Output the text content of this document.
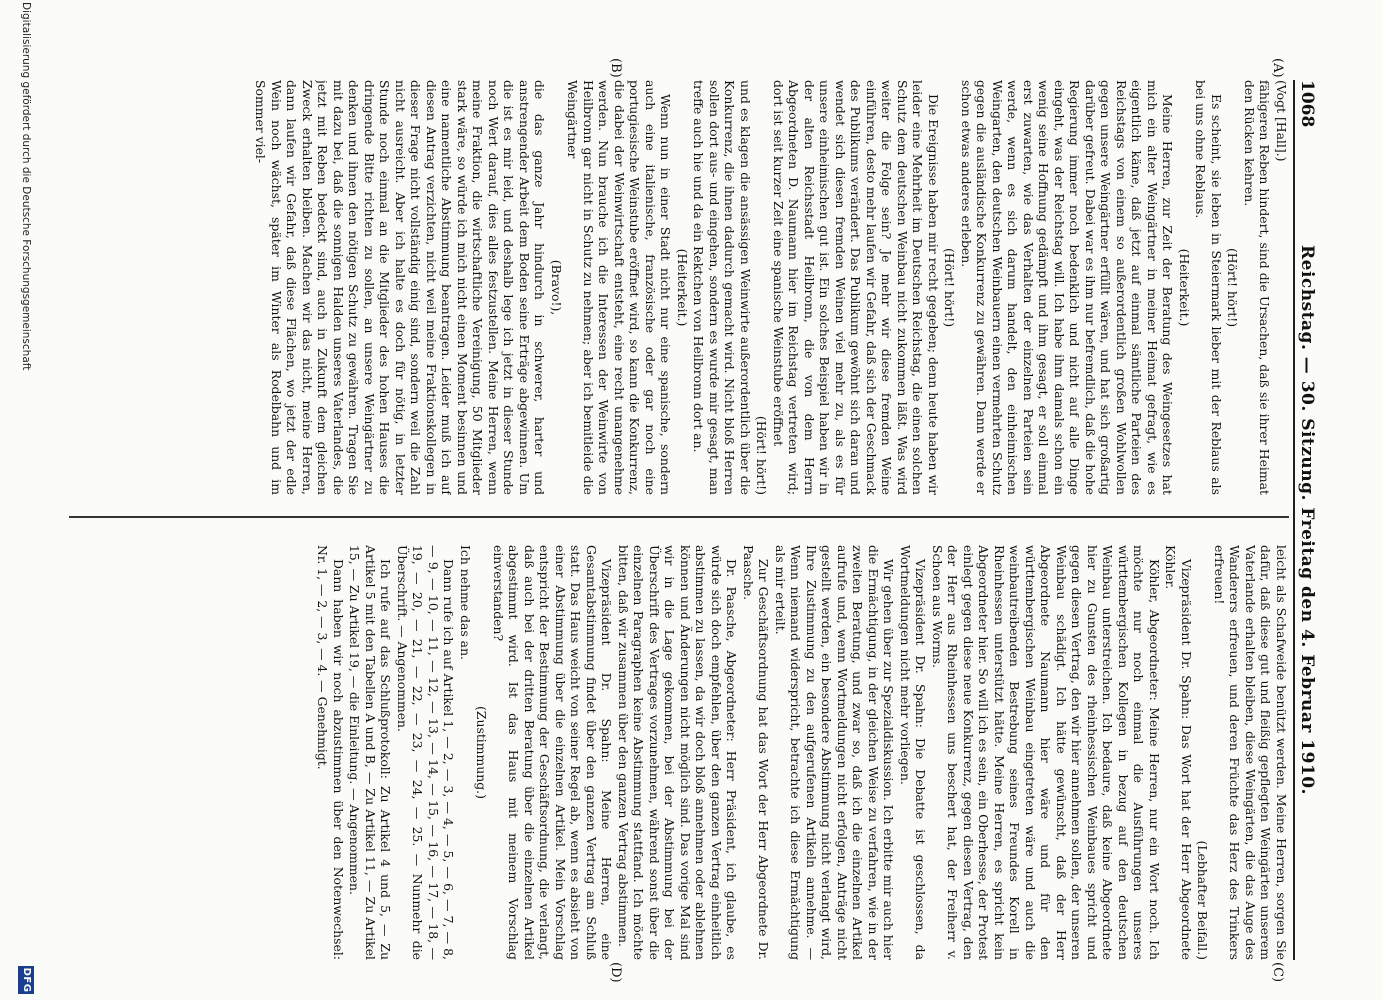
1068
Reichstag. — 30. Sitzung. Freitag den 4. Februar 1910.
(A)
(B)
(C)
(D)

(Vogt [Hall].)

fähigeren Reben hindert, sind die Ursachen, daß sie ihrer Heimat den Rücken kehren.

(Hört! hört!)

Es scheint, sie leben in Steiermark lieber mit der Reblaus als bei uns ohne Reblaus.

(Heiterkeit.)

Meine Herren, zur Zeit der Beratung des Weingesetzes hat mich ein alter Weingärtner in meiner Heimat gefragt, wie es eigentlich käme, daß jetzt auf einmal sämtliche Parteien des Reichstags von einem so außerordentlich großen Wohlwollen gegen unsere Weingärtner erfüllt wären, und hat sich großartig darüber gefreut. Dabei war es ihm nur befremdlich, daß die hohe Regierung immer noch bedenklich und nicht auf alle Dinge eingeht, was der Reichstag will. Ich habe ihm damals schon ein wenig seine Hoffnung gedämpft und ihm gesagt, er soll einmal erst zuwarten, wie das Verhalten der einzelnen Parteien sein werde, wenn es sich darum handelt, den einheimischen Weingarten, den deutschen Weinbauern einen vermehrten Schutz gegen die ausländische Konkurrenz zu gewähren. Dann werde er schon etwas anderes erleben.

(Hört! hört!)

Die Ereignisse haben mir recht gegeben; denn heute haben wir leider eine Mehrheit im Deutschen Reichstag, die einen solchen Schutz dem deutschen Weinbau nicht zukommen läßt. Was wird weiter die Folge sein? Je mehr wir diese fremden Weine einführen, desto mehr laufen wir Gefahr, daß sich der Geschmack des Publikums verändert. Das Publikum gewöhnt sich daran und wendet sich diesen fremden Weinen viel mehr zu, als es für unsere einheimischen gut ist. Ein solches Beispiel haben wir in der alten Reichsstadt Heilbronn, die von dem Herrn Abgeordneten D. Naumann hier im Reichstag vertreten wird; dort ist seit kurzer Zeit eine spanische Weinstube eröffnet

(Hört! hört!)

und es klagen die ansässigen Weinwirte außerordentlich über die Konkurrenz, die ihnen dadurch gemacht wird. Nicht bloß Herren sollen dort aus- und eingehen, sondern es wurde mir gesagt, man treffe auch hie und da ein Rektchen von Heilbronn dort an.

(Heiterkeit.)

Wenn nun in einer Stadt nicht nur eine spanische, sondern auch eine italienische, französische oder gar noch eine portugiesische Weinstube eröffnet wird, so kann die Konkurrenz, die dabei der Weinwirtschaft entsteht, eine recht unangenehme werden. Nun brauche ich die Interessen der Weinwirte von Heilbronn gar nicht in Schutz zu nehmen; aber ich bemitleide die Weingärtner

(Bravo!),

die das ganze Jahr hindurch in schwerer, harter und anstrengender Arbeit dem Boden seine Erträge abgewinnen. Um die ist es mir leid, und deshalb lege ich jetzt in dieser Stunde noch Wert darauf, dies alles festzustellen. Meine Herren, wenn meine Fraktion, die wirtschaftliche Vereinigung, 50 Mitglieder stark wäre, so würde ich mich nicht einen Moment besinnen und eine namentliche Abstimmung beantragen. Leider muß ich auf diesen Antrag verzichten, nicht weil meine Fraktionskollegen in dieser Frage nicht vollständig einig sind, sondern weil die Zahl nicht ausreicht. Aber ich halte es doch für nötig, in letzter Stunde noch einmal an die Mitglieder des hohen Hauses die dringende Bitte richten zu sollen, an unsere Weingärtner zu denken und ihnen den nötigen Schutz zu gewähren. Tragen Sie mit dazu bei, daß die sonnigen Halden unseres Vaterlandes, die jetzt mit Reben bedeckt sind, auch in Zukunft dem gleichen Zweck erhalten bleiben. Machen wir das nicht, meine Herren, dann laufen wir Gefahr, daß diese Flächen, wo jetzt der edle Wein noch wächst, später im Winter als Rodelbahn und im Sommer viel-

leicht als Schafweide benützt werden. Meine Herren, sorgen Sie dafür, daß diese gut und fleißig gepflegten Weingärten unserem Vaterlande erhalten bleiben, diese Weingärten, die das Auge des Wanderers erfreuen, und deren Früchte das Herz des Trinkers erfreuen!

(Lebhafter Beifall.)

Vizepräsident Dr. Spahn: Das Wort hat der Herr Abgeordnete Köhler.

Köhler, Abgeordneter: Meine Herren, nur ein Wort noch. Ich möchte nur noch einmal die Ausführungen unseres württembergischen Kollegen in bezug auf den deutschen Weinbau unterstreichen. Ich bedaure, daß keine Abgeordnete hier zu Gunsten des rheinhessischen Weinbaues spricht und gegen diesen Vertrag, den wir hier annehmen sollen, der unseren Weinbau schädigt. Ich hätte gewünscht, daß der Herr Abgeordnete Naumann hier wäre und für den württembergischen Weinbau eingetreten wäre und auch die weinbautreibenden Bestrebung seines Freundes Korell in Rheinhessen unterstützt hätte. Meine Herren, es spricht kein Abgeordneter hier. So will ich es sein, ein Oberhesse, der Protest einlegt gegen diese neue Konkurrenz, gegen diesen Vertrag, den der Herr aus Rheinhessen uns beschert hat, der Freiherr v. Schoen aus Worms.

Vizepräsident Dr. Spahn: Die Debatte ist geschlossen, da Wortmeldungen nicht mehr vorliegen.

Wir gehen über zur Spezialdiskussion. Ich erbitte mir auch hier die Ermächtigung, in der gleichen Weise zu verfahren, wie in der zweiten Beratung, und zwar so, daß ich die einzelnen Artikel aufrufe und, wenn Wortmeldungen nicht erfolgen, Anträge nicht gestellt werden, ein besondere Abstimmung nicht verlangt wird, Ihre Zustimmung zu den aufgerufenen Artikeln annehme. — Wenn niemand widerspricht, betrachte ich diese Ermächtigung als mir erteilt.

Zur Geschäftsordnung hat das Wort der Herr Abgeordnete Dr. Paasche.

Dr. Paasche, Abgeordneter: Herr Präsident, ich glaube, es würde sich doch empfehlen, über den ganzen Vertrag einheitlich abstimmen zu lassen, da wir doch bloß annehmen oder ablehnen können und Änderungen nicht möglich sind. Das vorige Mal sind wir in die Lage gekommen, bei der Abstimmung bei der Überschrift des Vertrages vorzunehmen, während sonst über die einzelnen Paragraphen keine Abstimmung stattfand. Ich möchte bitten, daß wir zusammen über den ganzen Vertrag abstimmen.

Vizepräsident Dr. Spahn: Meine Herren, eine Gesamtabstimmung findet über den ganzen Vertrag am Schluß statt. Das Haus weicht von seiner Regel ab, wenn es absieht von einer Abstimmung über die einzelnen Artikel. Mein Vorschlag entspricht der Bestimmung der Geschäftsordnung, die verlangt, daß auch bei der dritten Beratung über die einzelnen Artikel abgestimmt wird. Ist das Haus mit meinem Vorschlag einverstanden?

(Zustimmung.)

Ich nehme das an.

Dann rufe ich auf Artikel 1, — 2, — 3, — 4, — 5, — 6, — 7, — 8, — 9, — 10, — 11, — 12, — 13, — 14, — 15, — 16, — 17, — 18, — 19, — 20, — 21, — 22, — 23, — 24, — 25. — Nunmehr die Überschrift. — Angenommen.

Ich rufe auf das Schlußprotokoll: Zu Artikel 4 und 5, — Zu Artikel 5 mit den Tabellen A und B, — Zu Artikel 11, — Zu Artikel 15, — Zu Artikel 19, — die Einleitung. — Angenommen.

Dann haben wir noch abzustimmen über den Notenwechsel: Nr. 1, — 2, — 3, — 4. — Genehmigt.

Digitalisierung gefördert durch die Deutsche Forschungsgemeinschaft
DFG
